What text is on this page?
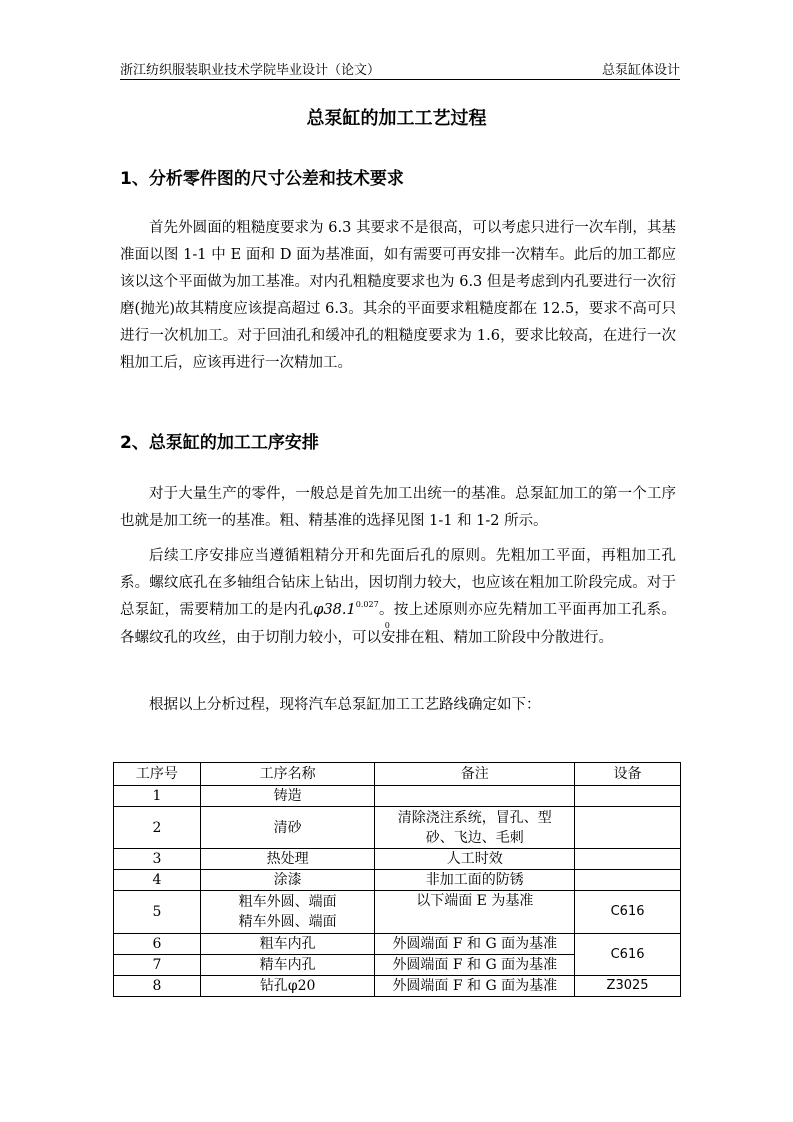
浙江纺织服装职业技术学院毕业设计（论文）	总泵缸体设计
总泵缸的加工工艺过程
1、分析零件图的尺寸公差和技术要求
首先外圆面的粗糙度要求为 6.3 其要求不是很高，可以考虑只进行一次车削，其基准面以图 1-1 中 E 面和 D 面为基准面，如有需要可再安排一次精车。此后的加工都应该以这个平面做为加工基准。对内孔粗糙度要求也为 6.3 但是考虑到内孔要进行一次衍磨(抛光)故其精度应该提高超过 6.3。其余的平面要求粗糙度都在 12.5，要求不高可只进行一次机加工。对于回油孔和缓冲孔的粗糙度要求为 1.6，要求比较高，在进行一次粗加工后，应该再进行一次精加工。
2、总泵缸的加工工序安排
对于大量生产的零件，一般总是首先加工出统一的基准。总泵缸加工的第一个工序也就是加工统一的基准。粗、精基准的选择见图 1-1 和 1-2 所示。
后续工序安排应当遵循粗精分开和先面后孔的原则。先粗加工平面，再粗加工孔系。螺纹底孔在多轴组合钻床上钻出，因切削力较大，也应该在粗加工阶段完成。对于总泵缸，需要精加工的是内孔φ38.10.027
0
。按上述原则亦应先精加工平面再加工孔系。各螺纹孔的攻丝，由于切削力较小，可以安排在粗、精加工阶段中分散进行。
根据以上分析过程，现将汽车总泵缸加工工艺路线确定如下：
工序号	工序名称	备注	设备
1	铸造		
2	清砂	清除浇注系统，冒孔、型砂、飞边、毛刺	
3	热处理	人工时效	
4	涂漆	非加工面的防锈	
5	粗车外圆、端面
精车外圆、端面	以下端面 E 为基准	C616
6	粗车内孔	外圆端面 F 和 G 面为基准	C616
7	精车内孔	外圆端面 F 和 G 面为基准	
8	钻孔φ20	外圆端面 F 和 G 面为基准	Z3025
